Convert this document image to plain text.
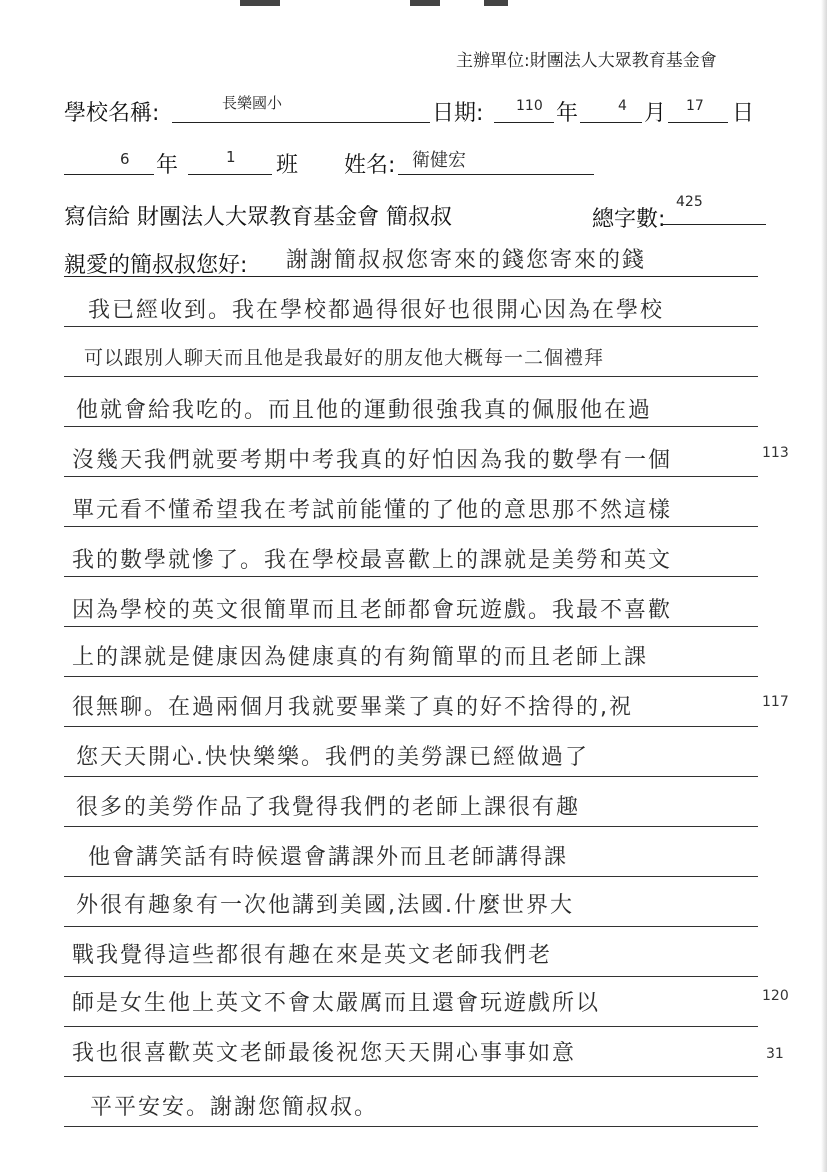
主辦單位:財團法人大眾教育基金會
學校名稱:	長樂國小	日期: 110 年	4 月 17 日
6 年	1 班 姓名: 衛健宏
寫信給 財團法人大眾教育基金會 簡叔叔	總字數:
425
親愛的簡叔叔您好: 謝謝簡叔叔您寄來的錢您寄來的錢
我已經收到。我在學校都過得很好也很開心因為在學校
可以跟別人聊天而且他是我最好的朋友他大概每一二個禮拜
他就會給我吃的。而且他的運動很強我真的佩服他在過
沒幾天我們就要考期中考我真的好怕因為我的數學有一個	113
單元看不懂希望我在考試前能懂的了他的意思那不然這樣
我的數學就慘了。我在學校最喜歡上的課就是美勞和英文
因為學校的英文很簡單而且老師都會玩遊戲。我最不喜歡
上的課就是健康因為健康真的有夠簡單的而且老師上課
很無聊。在過兩個月我就要畢業了真的好不捨得的,祝	117
您天天開心.快快樂樂。我們的美勞課已經做過了
很多的美勞作品了我覺得我們的老師上課很有趣
他會講笑話有時候還會講課外而且老師講得課
外很有趣象有一次他講到美國,法國.什麼世界大
戰我覺得這些都很有趣在來是英文老師我們老
師是女生他上英文不會太嚴厲而且還會玩遊戲所以	120
我也很喜歡英文老師最後祝您天天開心事事如意	31
平平安安。謝謝您簡叔叔。
